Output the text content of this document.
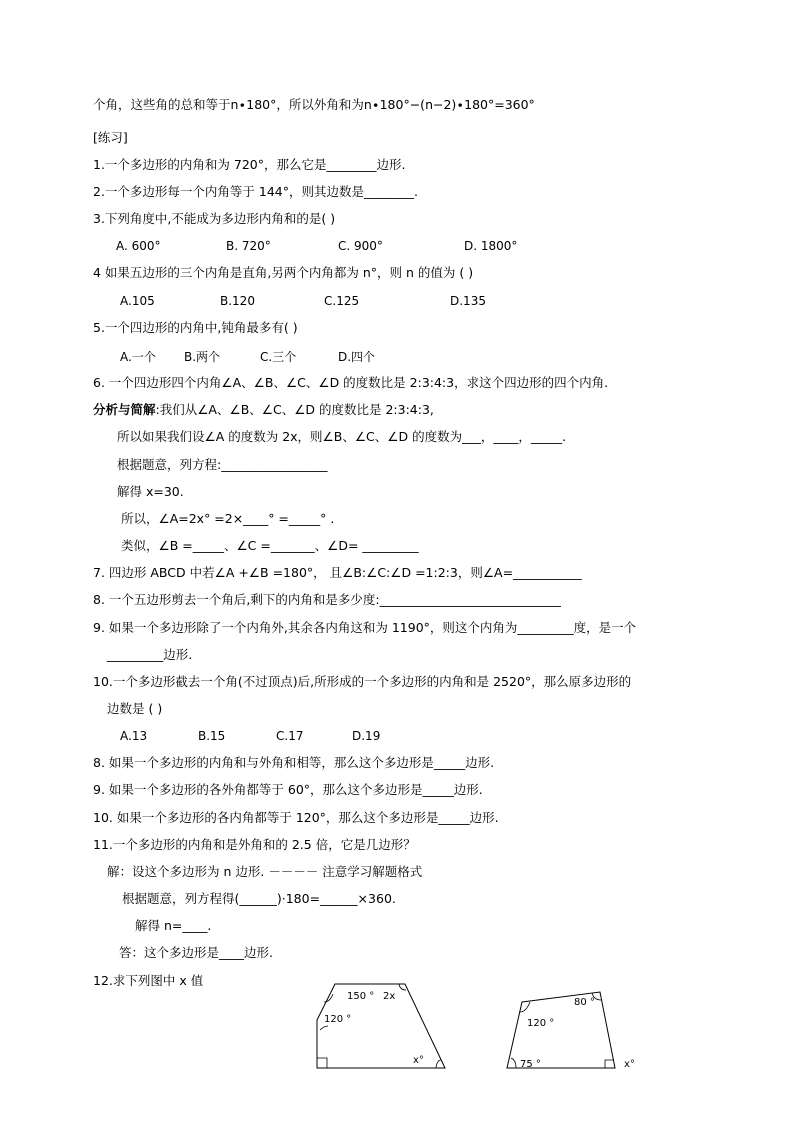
个角，这些角的总和等于n∙180°，所以外角和为n∙180°−(n−2)∙180°=360°
[练习]
1.一个多边形的内角和为 720°，那么它是________边形.
2.一个多边形每一个内角等于 144°，则其边数是________.
3.下列角度中,不能成为多边形内角和的是( )
A. 600°	B. 720°	C. 900°	D. 1800°
4 如果五边形的三个内角是直角,另两个内角都为 n°，则 n 的值为 ( )
A.105	B.120	C.125	D.135
5.一个四边形的内角中,钝角最多有( )
A.一个 B.两个	C.三个	D.四个
6. 一个四边形四个内角∠A、∠B、∠C、∠D 的度数比是 2:3:4:3，求这个四边形的四个内角.
分析与简解:我们从∠A、∠B、∠C、∠D 的度数比是 2:3:4:3,
所以如果我们设∠A 的度数为 2x，则∠B、∠C、∠D 的度数为___，____，_____.
根据题意，列方程:_________________
解得 x=30.
所以，∠A=2x° =2×____° =_____° .
类似，∠B =_____、∠C =_______、∠D= _________
7. 四边形 ABCD 中若∠A +∠B =180°， 且∠B:∠C:∠D =1:2:3，则∠A=___________
8. 一个五边形剪去一个角后,剩下的内角和是多少度:_____________________________
9. 如果一个多边形除了一个内角外,其余各内角这和为 1190°，则这个内角为_________度，是一个
_________边形.
10.一个多边形截去一个角(不过顶点)后,所形成的一个多边形的内角和是 2520°，那么原多边形的
边数是 ( )
A.13	B.15	C.17	D.19
8. 如果一个多边形的内角和与外角和相等，那么这个多边形是_____边形.
9. 如果一个多边形的各外角都等于 60°，那么这个多边形是_____边形.
10. 如果一个多边形的各内角都等于 120°，那么这个多边形是_____边形.
11.一个多边形的内角和是外角和的 2.5 倍，它是几边形？
解：设这个多边形为 n 边形. －－－－ 注意学习解题格式
根据题意，列方程得(______)·180=______×360.
解得 n=____.
答：这个多边形是____边形.
12.求下列图中 x 值
150 ° 2x
120 °
x°
80 °
120 °
75 °	x°
